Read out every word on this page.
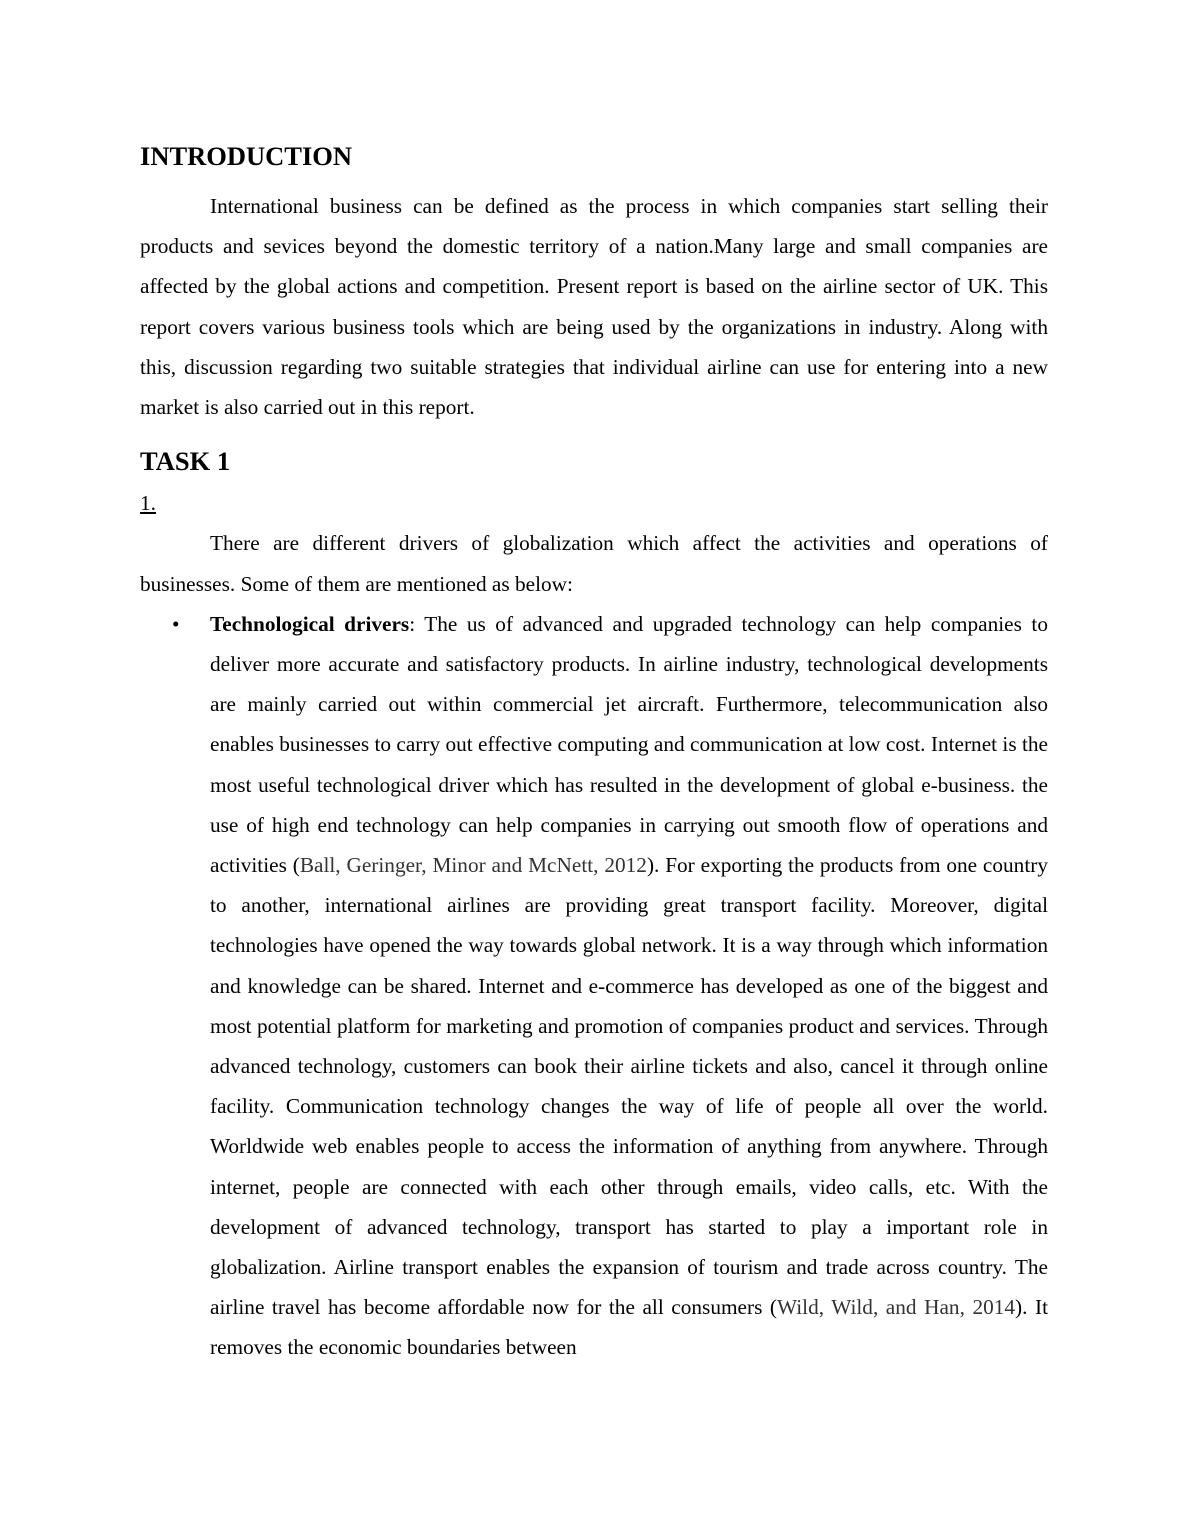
INTRODUCTION

International business can be defined as the process in which companies start selling their products and sevices beyond the domestic territory of a nation.Many large and small companies are affected by the global actions and competition. Present report is based on the airline sector of UK. This report covers various business tools which are being used by the organizations in industry. Along with this, discussion regarding two suitable strategies that individual airline can use for entering into a new market is also carried out in this report.

TASK 1

1.

There are different drivers of globalization which affect the activities and operations of businesses. Some of them are mentioned as below:

• Technological drivers: The us of advanced and upgraded technology can help companies to deliver more accurate and satisfactory products. In airline industry, technological developments are mainly carried out within commercial jet aircraft. Furthermore, telecommunication also enables businesses to carry out effective computing and communication at low cost. Internet is the most useful technological driver which has resulted in the development of global e-business. the use of high end technology can help companies in carrying out smooth flow of operations and activities (Ball, Geringer, Minor and McNett, 2012). For exporting the products from one country to another, international airlines are providing great transport facility. Moreover, digital technologies have opened the way towards global network. It is a way through which information and knowledge can be shared. Internet and e-commerce has developed as one of the biggest and most potential platform for marketing and promotion of companies product and services. Through advanced technology, customers can book their airline tickets and also, cancel it through online facility. Communication technology changes the way of life of people all over the world. Worldwide web enables people to access the information of anything from anywhere. Through internet, people are connected with each other through emails, video calls, etc. With the development of advanced technology, transport has started to play a important role in globalization. Airline transport enables the expansion of tourism and trade across country. The airline travel has become affordable now for the all consumers (Wild, Wild, and Han, 2014). It removes the economic boundaries between
